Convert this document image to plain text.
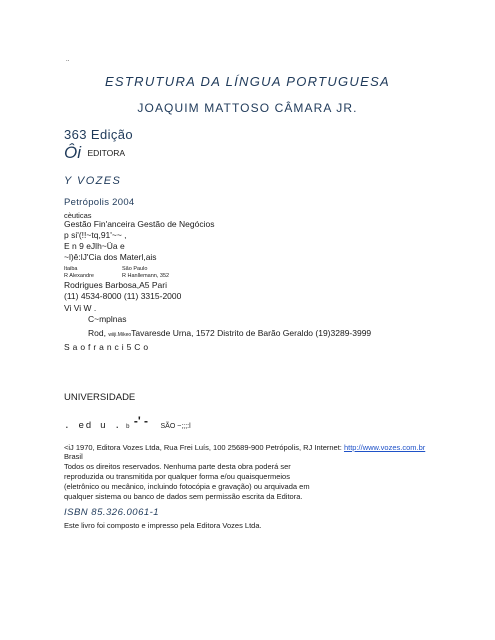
..
ESTRUTURA DA LÍNGUA PORTUGUESA
JOAQUIM MATTOSO CÂMARA JR.
363 Edição
Ôi EDITORA
Y VOZES
Petrópolis 2004
cèuticas
Gestão Fin'anceira Gestão de Negócios
p si'(!!~tq,91'~~ ,
E n 9 eJlh~Üa e
~l)ê:lJ'Cia dos Materl,ais
Itaiba	São Paulo
R Alexandre	R Hanllemann, 352
Rodrigues Barbosa,A5 Pari
(11) 4534-8000 (11) 3315-2000
Vi Vi W .
C~mplnas
Rod, wiiji.MikeoTavaresde Urna, 1572 Distrito de Barão Geraldo (19)3289-3999
S a o f r a n c i 5 C o
UNIVERSIDADE
. ed u . b -' - SÃO ~;;;:l
<iJ 1970, Editora Vozes Ltda, Rua Frei Luís, 100 25689-900 Petrópolis, RJ Internet: http://www.vozes.com.br
Brasil
Todos os direitos reservados. Nenhuma parte desta obra poderá ser
reproduzida ou transmitida por qualquer forma e/ou quaisquermeios
(eletrônico ou mecânico, incluindo fotocópia e gravação) ou arquivada em
qualquer sistema ou banco de dados sem permissão escrita da Editora.
ISBN 85.326.0061-1
Este livro foi composto e impresso pela Editora Vozes Ltda.
